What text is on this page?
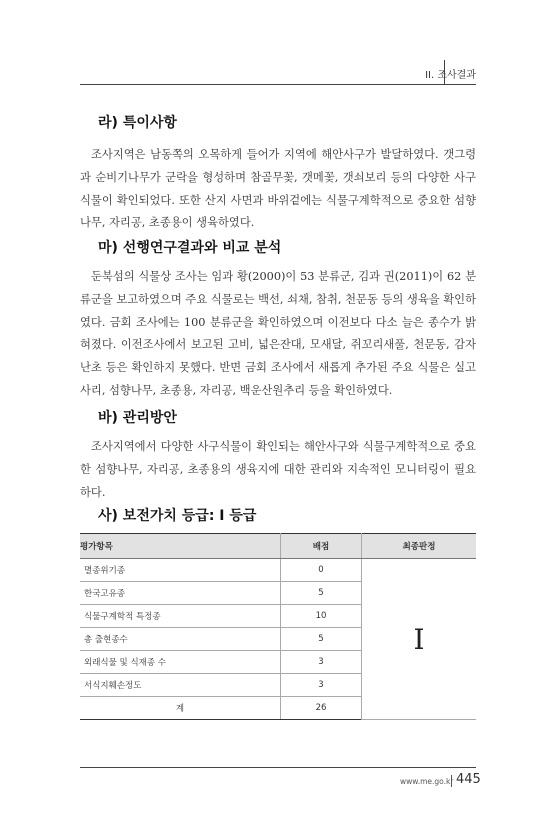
II. 조사결과
라) 특이사항

조사지역은 남동쪽의 오목하게 들어가 지역에 해안사구가 발달하였다. 갯그령과 순비기나무가 군락을 형성하며 참골무꽃, 갯메꽃, 갯쇠보리 등의 다양한 사구식물이 확인되었다. 또한 산지 사면과 바위겉에는 식물구계학적으로 중요한 섬향나무, 자리공, 초종용이 생육하였다.

마) 선행연구결과와 비교 분석

둔북섬의 식물상 조사는 임과 황(2000)이 53 분류군, 김과 권(2011)이 62 분류군을 보고하였으며 주요 식물로는 백선, 쇠채, 참취, 천문동 등의 생육을 확인하였다. 금회 조사에는 100 분류군을 확인하였으며 이전보다 다소 늘은 종수가 밝혀졌다. 이전조사에서 보고된 고비, 넓은잔대, 모새달, 쥐꼬리새풀, 천문동, 감자난초 등은 확인하지 못했다. 반면 금회 조사에서 새롭게 추가된 주요 식물은 실고사리, 섬향나무, 초종용, 자리공, 백운산원추리 등을 확인하였다.

바) 관리방안

조사지역에서 다양한 사구식물이 확인되는 해안사구와 식물구계학적으로 중요한 섬향나무, 자리공, 초종용의 생육지에 대한 관리와 지속적인 모니터링이 필요하다.

사) 보전가치 등급: Ⅰ 등급
평가항목	배점	최종판정
멸종위기종	0	Ⅰ
한국고유종	5	
식물구계학적 특정종	10	
총 출현종수	5	
외래식물 및 식재종 수	3	
서식지훼손정도	3	
계	26	
www.me.go.kr 445
